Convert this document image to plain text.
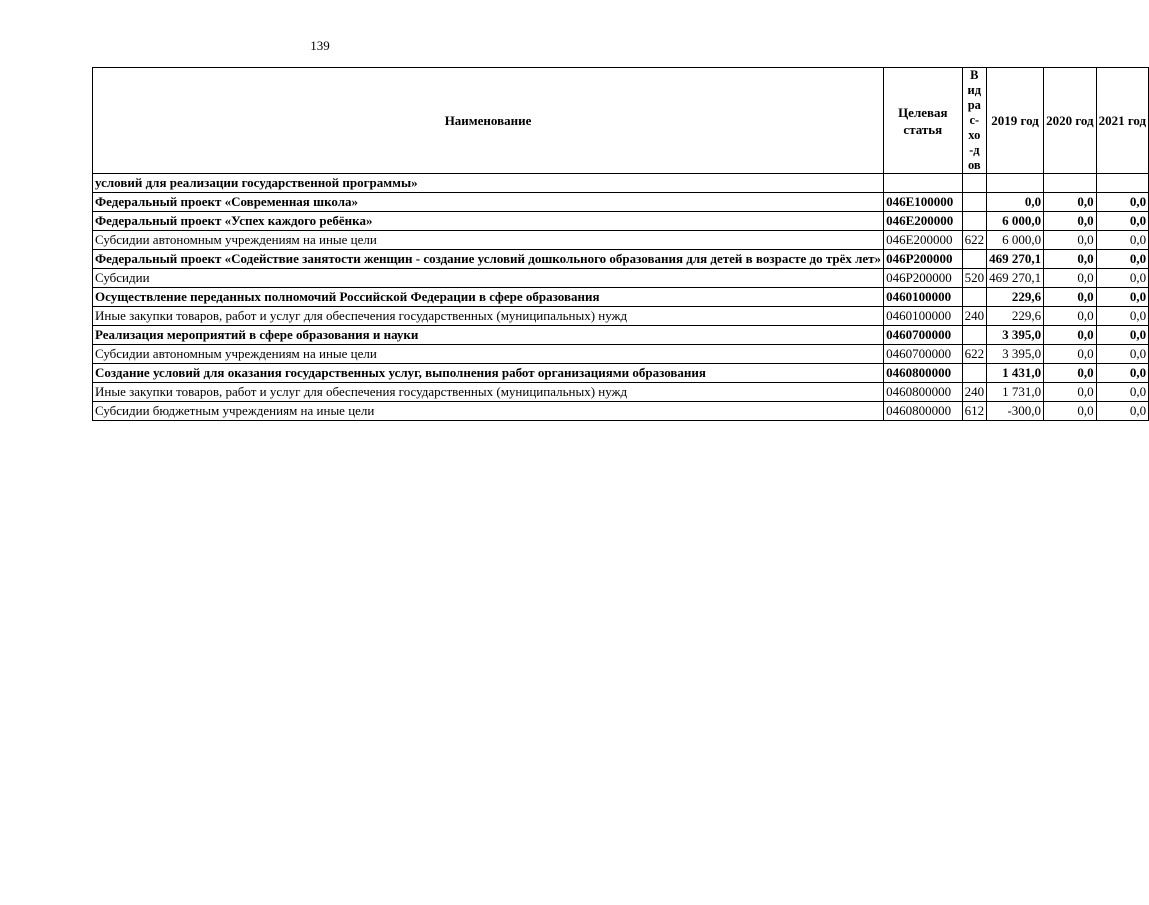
139
Наименование	Целевая статья	Вид рас-хо-дов	2019 год	2020 год	2021 год
условий для реализации государственной программы»					
Федеральный проект «Современная школа»	046E100000		0,0	0,0	0,0
Федеральный проект «Успех каждого ребёнка»	046E200000		6 000,0	0,0	0,0
Субсидии автономным учреждениям на иные цели	046E200000	622	6 000,0	0,0	0,0
Федеральный проект «Содействие занятости женщин - создание условий дошкольного образования для детей в возрасте до трёх лет»	046P200000		469 270,1	0,0	0,0
Субсидии	046P200000	520	469 270,1	0,0	0,0
Осуществление переданных полномочий Российской Федерации в сфере образования	0460100000		229,6	0,0	0,0
Иные закупки товаров, работ и услуг для обеспечения государственных (муниципальных) нужд	0460100000	240	229,6	0,0	0,0
Реализация мероприятий в сфере образования и науки	0460700000		3 395,0	0,0	0,0
Субсидии автономным учреждениям на иные цели	0460700000	622	3 395,0	0,0	0,0
Создание условий для оказания государственных услуг, выполнения работ организациями образования	0460800000		1 431,0	0,0	0,0
Иные закупки товаров, работ и услуг для обеспечения государственных (муниципальных) нужд	0460800000	240	1 731,0	0,0	0,0
Субсидии бюджетным учреждениям на иные цели	0460800000	612	-300,0	0,0	0,0
